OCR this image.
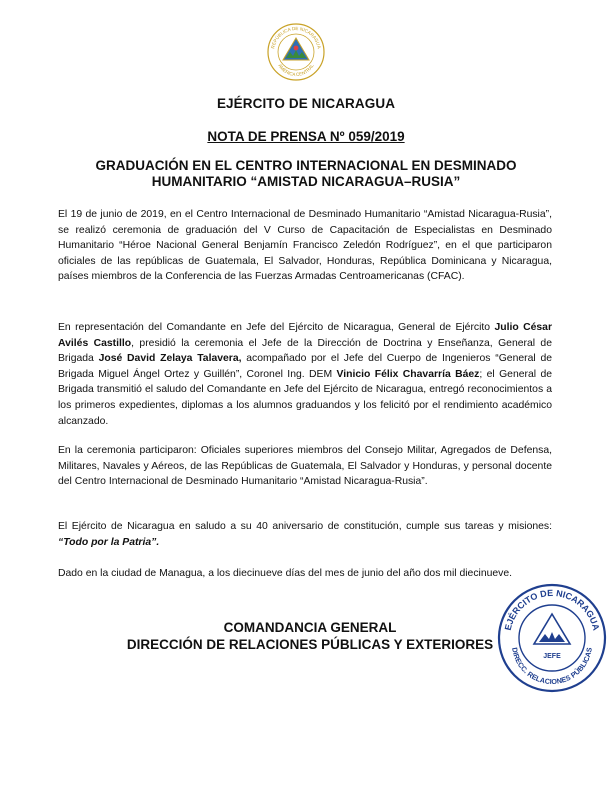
REPÚBLICA DE NICARAGUA
AMÉRICA CENTRAL
EJÉRCITO DE NICARAGUA
NOTA DE PRENSA Nº 059/2019
GRADUACIÓN EN EL CENTRO INTERNACIONAL EN DESMINADO
HUMANITARIO “AMISTAD NICARAGUA–RUSIA”

El 19 de junio de 2019, en el Centro Internacional de Desminado Humanitario “Amistad Nicaragua-Rusia”, se realizó ceremonia de graduación del V Curso de Capacitación de Especialistas en Desminado Humanitario “Héroe Nacional General Benjamín Francisco Zeledón Rodríguez”, en el que participaron oficiales de las repúblicas de Guatemala, El Salvador, Honduras, República Dominicana y Nicaragua, países miembros de la Conferencia de las Fuerzas Armadas Centroamericanas (CFAC).

En representación del Comandante en Jefe del Ejército de Nicaragua, General de Ejército Julio César Avilés Castillo, presidió la ceremonia el Jefe de la Dirección de Doctrina y Enseñanza, General de Brigada José David Zelaya Talavera, acompañado por el Jefe del Cuerpo de Ingenieros “General de Brigada Miguel Ángel Ortez y Guillén”, Coronel Ing. DEM Vinicio Félix Chavarría Báez; el General de Brigada transmitió el saludo del Comandante en Jefe del Ejército de Nicaragua, entregó reconocimientos a los primeros expedientes, diplomas a los alumnos graduandos y los felicitó por el rendimiento académico alcanzado.

En la ceremonia participaron: Oficiales superiores miembros del Consejo Militar, Agregados de Defensa, Militares, Navales y Aéreos, de las Repúblicas de Guatemala, El Salvador y Honduras, y personal docente del Centro Internacional de Desminado Humanitario “Amistad Nicaragua-Rusia”.

El Ejército de Nicaragua en saludo a su 40 aniversario de constitución, cumple sus tareas y misiones: “Todo por la Patria”.

Dado en la ciudad de Managua, a los diecinueve días del mes de junio del año dos mil diecinueve.

COMANDANCIA GENERAL
DIRECCIÓN DE RELACIONES PÚBLICAS Y EXTERIORES
EJÉRCITO DE NICARAGUA
DIRECC. RELACIONES PÚBLICAS
JEFE
